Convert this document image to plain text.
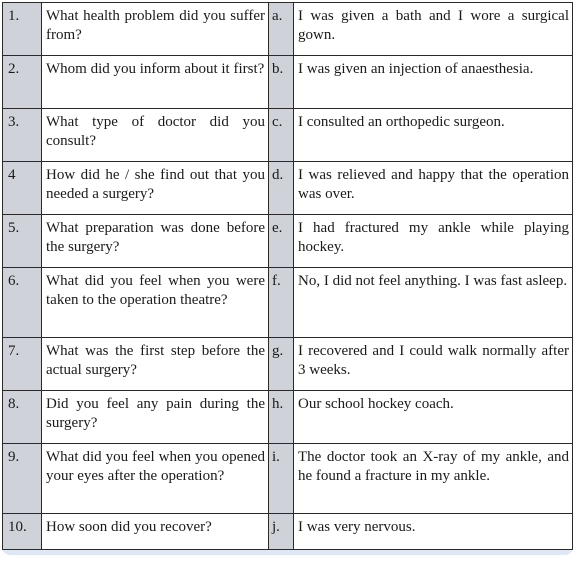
1.	What health problem did you suffer from?	a.	I was given a bath and I wore a surgical gown.
2.	Whom did you inform about it first?	b.	I was given an injection of anaesthesia.
3.	What type of doctor did you consult?	c.	I consulted an orthopedic surgeon.
4	How did he / she find out that you needed a surgery?	d.	I was relieved and happy that the operation was over.
5.	What preparation was done before the surgery?	e.	I had fractured my ankle while playing hockey.
6.	What did you feel when you were taken to the operation theatre?	f.	No, I did not feel anything. I was fast asleep.
7.	What was the first step before the actual surgery?	g.	I recovered and I could walk normally after 3 weeks.
8.	Did you feel any pain during the surgery?	h.	Our school hockey coach.
9.	What did you feel when you opened your eyes after the operation?	i.	The doctor took an X-ray of my ankle, and he found a fracture in my ankle.
10.	How soon did you recover?	j.	I was very nervous.
